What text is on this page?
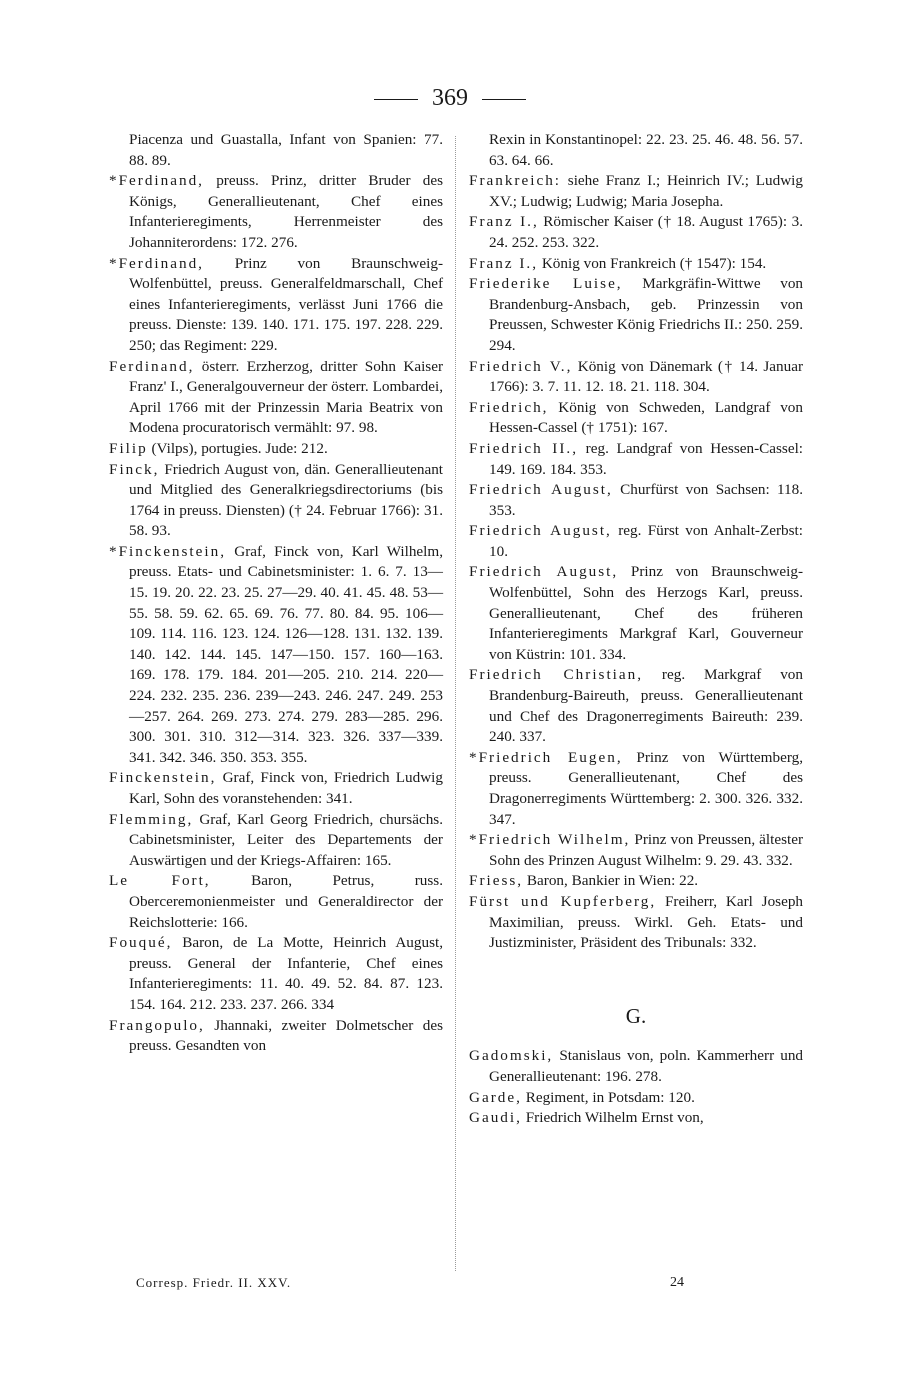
369

Piacenza und Guastalla, Infant von Spanien: 77. 88. 89.

*Ferdinand, preuss. Prinz, dritter Bruder des Königs, Generallieutenant, Chef eines Infanterieregiments, Herrenmeister des Johanniterordens: 172. 276.

*Ferdinand, Prinz von Braunschweig-Wolfenbüttel, preuss. Generalfeldmarschall, Chef eines Infanterieregiments, verlässt Juni 1766 die preuss. Dienste: 139. 140. 171. 175. 197. 228. 229. 250; das Regiment: 229.

Ferdinand, österr. Erzherzog, dritter Sohn Kaiser Franz' I., Generalgouverneur der österr. Lombardei, April 1766 mit der Prinzessin Maria Beatrix von Modena procuratorisch vermählt: 97. 98.

Filip (Vilps), portugies. Jude: 212.

Finck, Friedrich August von, dän. Generallieutenant und Mitglied des Generalkriegsdirectoriums (bis 1764 in preuss. Diensten) († 24. Februar 1766): 31. 58. 93.

*Finckenstein, Graf, Finck von, Karl Wilhelm, preuss. Etats- und Cabinetsminister: 1. 6. 7. 13—15. 19. 20. 22. 23. 25. 27—29. 40. 41. 45. 48. 53—55. 58. 59. 62. 65. 69. 76. 77. 80. 84. 95. 106—109. 114. 116. 123. 124. 126—128. 131. 132. 139. 140. 142. 144. 145. 147—150. 157. 160—163. 169. 178. 179. 184. 201—205. 210. 214. 220—224. 232. 235. 236. 239—243. 246. 247. 249. 253—257. 264. 269. 273. 274. 279. 283—285. 296. 300. 301. 310. 312—314. 323. 326. 337—339. 341. 342. 346. 350. 353. 355.

Finckenstein, Graf, Finck von, Friedrich Ludwig Karl, Sohn des voranstehenden: 341.

Flemming, Graf, Karl Georg Friedrich, chursächs. Cabinetsminister, Leiter des Departements der Auswärtigen und der Kriegs-Affairen: 165.

Le Fort,	Baron, Petrus, russ. Oberceremonienmeister und Generaldirector der Reichslotterie: 166.

Fouqué, Baron, de La Motte, Heinrich August, preuss. General der Infanterie, Chef eines Infanterieregiments: 11. 40. 49. 52. 84. 87. 123. 154. 164. 212. 233. 237. 266. 334

Frangopulo, Jhannaki, zweiter Dolmetscher des preuss. Gesandten von

Rexin in Konstantinopel: 22. 23. 25. 46. 48. 56. 57. 63. 64. 66.

Frankreich: siehe Franz I.; Heinrich IV.; Ludwig XV.; Ludwig; Ludwig; Maria Josepha.

Franz I., Römischer Kaiser († 18. August 1765): 3. 24. 252. 253. 322.

Franz I., König von Frankreich († 1547): 154.

Friederike Luise, Markgräfin-Wittwe von Brandenburg-Ansbach, geb. Prinzessin von Preussen, Schwester König Friedrichs II.: 250. 259. 294.

Friedrich V., König von Dänemark († 14. Januar 1766): 3. 7. 11. 12. 18. 21. 118. 304.

Friedrich, König von Schweden, Landgraf von Hessen-Cassel († 1751): 167.

Friedrich II., reg. Landgraf von Hessen-Cassel: 149. 169. 184. 353.

Friedrich August, Churfürst von Sachsen: 118. 353.

Friedrich August, reg. Fürst von Anhalt-Zerbst: 10.

Friedrich August, Prinz von Braunschweig-Wolfenbüttel, Sohn des Herzogs Karl, preuss. Generallieutenant, Chef des früheren Infanterieregiments Markgraf Karl, Gouverneur von Küstrin: 101. 334.

Friedrich Christian, reg. Markgraf von Brandenburg-Baireuth, preuss. Generallieutenant und Chef des Dragonerregiments Baireuth: 239. 240. 337.

*Friedrich Eugen, Prinz von Württemberg, preuss. Generallieutenant, Chef des Dragonerregiments Württemberg: 2. 300. 326. 332. 347.

*Friedrich Wilhelm, Prinz von Preussen, ältester Sohn des Prinzen August Wilhelm: 9. 29. 43. 332.

Friess, Baron, Bankier in Wien: 22.

Fürst und Kupferberg, Freiherr, Karl Joseph Maximilian, preuss. Wirkl. Geh. Etats- und Justizminister, Präsident des Tribunals: 332.

G.

Gadomski, Stanislaus von, poln. Kammerherr und Generallieutenant: 196. 278.

Garde, Regiment, in Potsdam: 120.

Gaudi, Friedrich Wilhelm Ernst von,

Corresp. Friedr. II. XXV.	24
